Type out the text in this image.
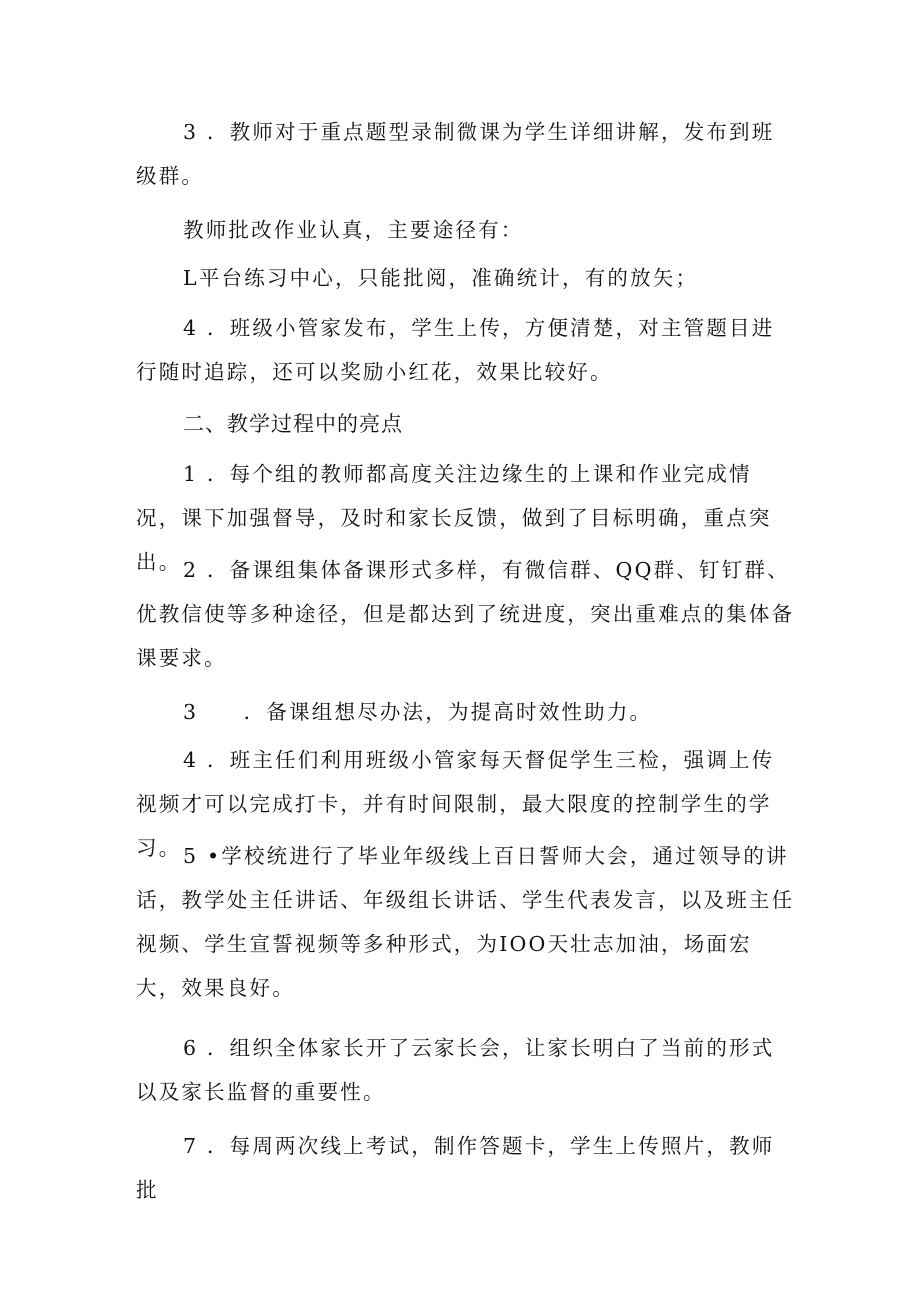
3 ．教师对于重点题型录制微课为学生详细讲解，发布到班级群。

教师批改作业认真，主要途径有：

L平台练习中心，只能批阅，准确统计，有的放矢；

4 ．班级小管家发布，学生上传，方便清楚，对主管题目进行随时追踪，还可以奖励小红花，效果比较好。

二、教学过程中的亮点

1 ．每个组的教师都高度关注边缘生的上课和作业完成情况，课下加强督导，及时和家长反馈，做到了目标明确，重点突出。 2 ．备课组集体备课形式多样，有微信群、QQ群、钉钉群、优教信使等多种途径，但是都达到了统进度，突出重难点的集体备课要求。

3　　．备课组想尽办法，为提高时效性助力。

4 ．班主任们利用班级小管家每天督促学生三检，强调上传视频才可以完成打卡，并有时间限制，最大限度的控制学生的学习。 5 •学校统进行了毕业年级线上百日誓师大会，通过领导的讲话，教学处主任讲话、年级组长讲话、学生代表发言，以及班主任视频、学生宣誓视频等多种形式，为IOO天壮志加油，场面宏大，效果良好。

6 ．组织全体家长开了云家长会，让家长明白了当前的形式以及家长监督的重要性。

7 ．每周两次线上考试，制作答题卡，学生上传照片，教师批
